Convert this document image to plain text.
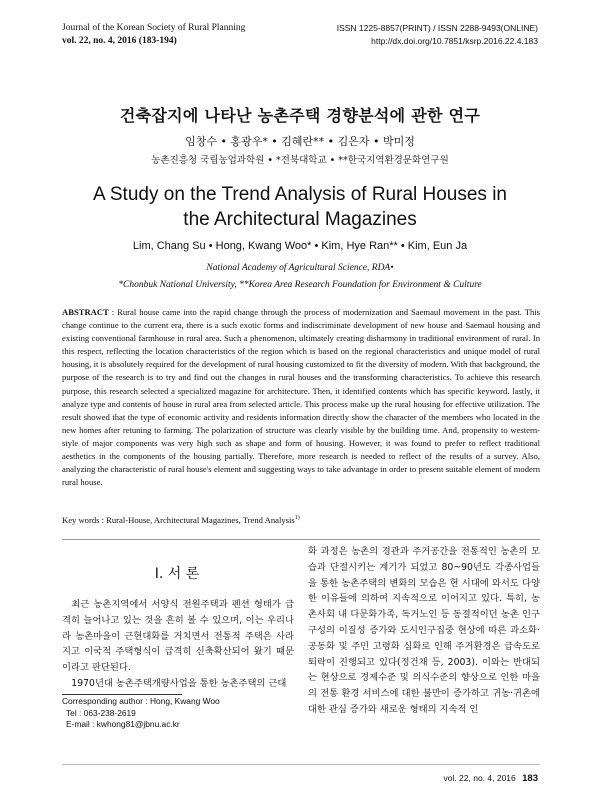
Journal of the Korean Society of Rural Planning
vol. 22, no. 4, 2016 (183-194)
ISSN 1225-8857(PRINT) / ISSN 2288-9493(ONLINE)
http://dx.doi.org/10.7851/ksrp.2016.22.4.183
건축잡지에 나타난 농촌주택 경향분석에 관한 연구
임창수 • 홍광우* • 김혜란** • 김은자 • 박미정
농촌진흥청 국립농업과학원 • *전북대학교 • **한국지역환경문화연구원
A Study on the Trend Analysis of Rural Houses in
the Architectural Magazines
Lim, Chang Su • Hong, Kwang Woo* • Kim, Hye Ran** • Kim, Eun Ja
National Academy of Agricultural Science, RDA•
*Chonbuk National University, **Korea Area Research Foundation for Environment & Culture
ABSTRACT : Rural house came into the rapid change through the process of modernization and Saemaul movement in the past. This change continue to the current era, there is a such exotic forms and indiscriminate development of new house and Saemaul housing and existing conventional farmhouse in rural area. Such a phenomenon, ultimately creating disharmony in traditional environment of rural. In this respect, reflecting the location characteristics of the region which is based on the regional characteristics and unique model of rural housing, it is absolutely required for the development of rural housing customized to fit the diversity of modern. With that background, the purpose of the research is to try and find out the changes in rural houses and the transforming characteristics. To achieve this research purpose, this research selected a specialized magazine for architecture. Then, it identified contents which has specific keyword. lastly, it analyze type and contents of house in rural area from selected article. This process make up the rural housing for effective utilization. The result showed that the type of economic activity and residents information directly show the character of the members who located in the new homes after retuning to farming. The polarization of structure was clearly visible by the building time. And, propensity to western-style of major components was very high such as shape and form of housing. However, it was found to prefer to reflect traditional aesthetics in the components of the housing partially. Therefore, more research is needed to reflect of the results of a survey. Also, analyzing the characteristic of rural house's element and suggesting ways to take advantage in order to present suitable element of modern rural house.
Key words : Rural-House, Architectural Magazines, Trend Analysis$^{1)}$
I. 서 론

최근 농촌지역에서 서양식 전원주택과 펜션 형태가 급격히 늘어나고 있는 것을 흔히 볼 수 있으며, 이는 우리나라 농촌마을이 근현대화를 거치면서 전통적 주택은 사라지고 이국적 주택형식이 급격히 신축확산되어 왔기 때문이라고 판단된다.

1970년대 농촌주택개량사업을 통한 농촌주택의 근대

화 과정은 농촌의 경관과 주거공간을 전통적인 농촌의 모습과 단절시키는 계기가 되었고 80~90년도 각종사업들을 통한 농촌주택의 변화의 모습은 현 시대에 와서도 다양한 이유들에 의하여 지속적으로 이어지고 있다. 특히, 농촌사회 내 다문화가족, 독거노인 등 동절적이던 농촌 인구구성의 이질성 증가와 도시인구집중 현상에 따른 과소화·공동화 및 주민 고령화 심화로 인해 주거환경은 급속도로 퇴락이 진행되고 있다(정건채 등, 2003). 이와는 반대되는 현상으로 경제수준 및 의식수준의 향상으로 인한 마을의 전통 환경 서비스에 대한 불만이 증가하고 귀농·귀촌에 대한 관심 증가와 새로운 형태의 지속적 인

Corresponding author : Hong, Kwang Woo
Tel : 063-238-2619
E-mail : kwhong81@jbnu.ac.kr
vol. 22, no. 4, 2016 183
